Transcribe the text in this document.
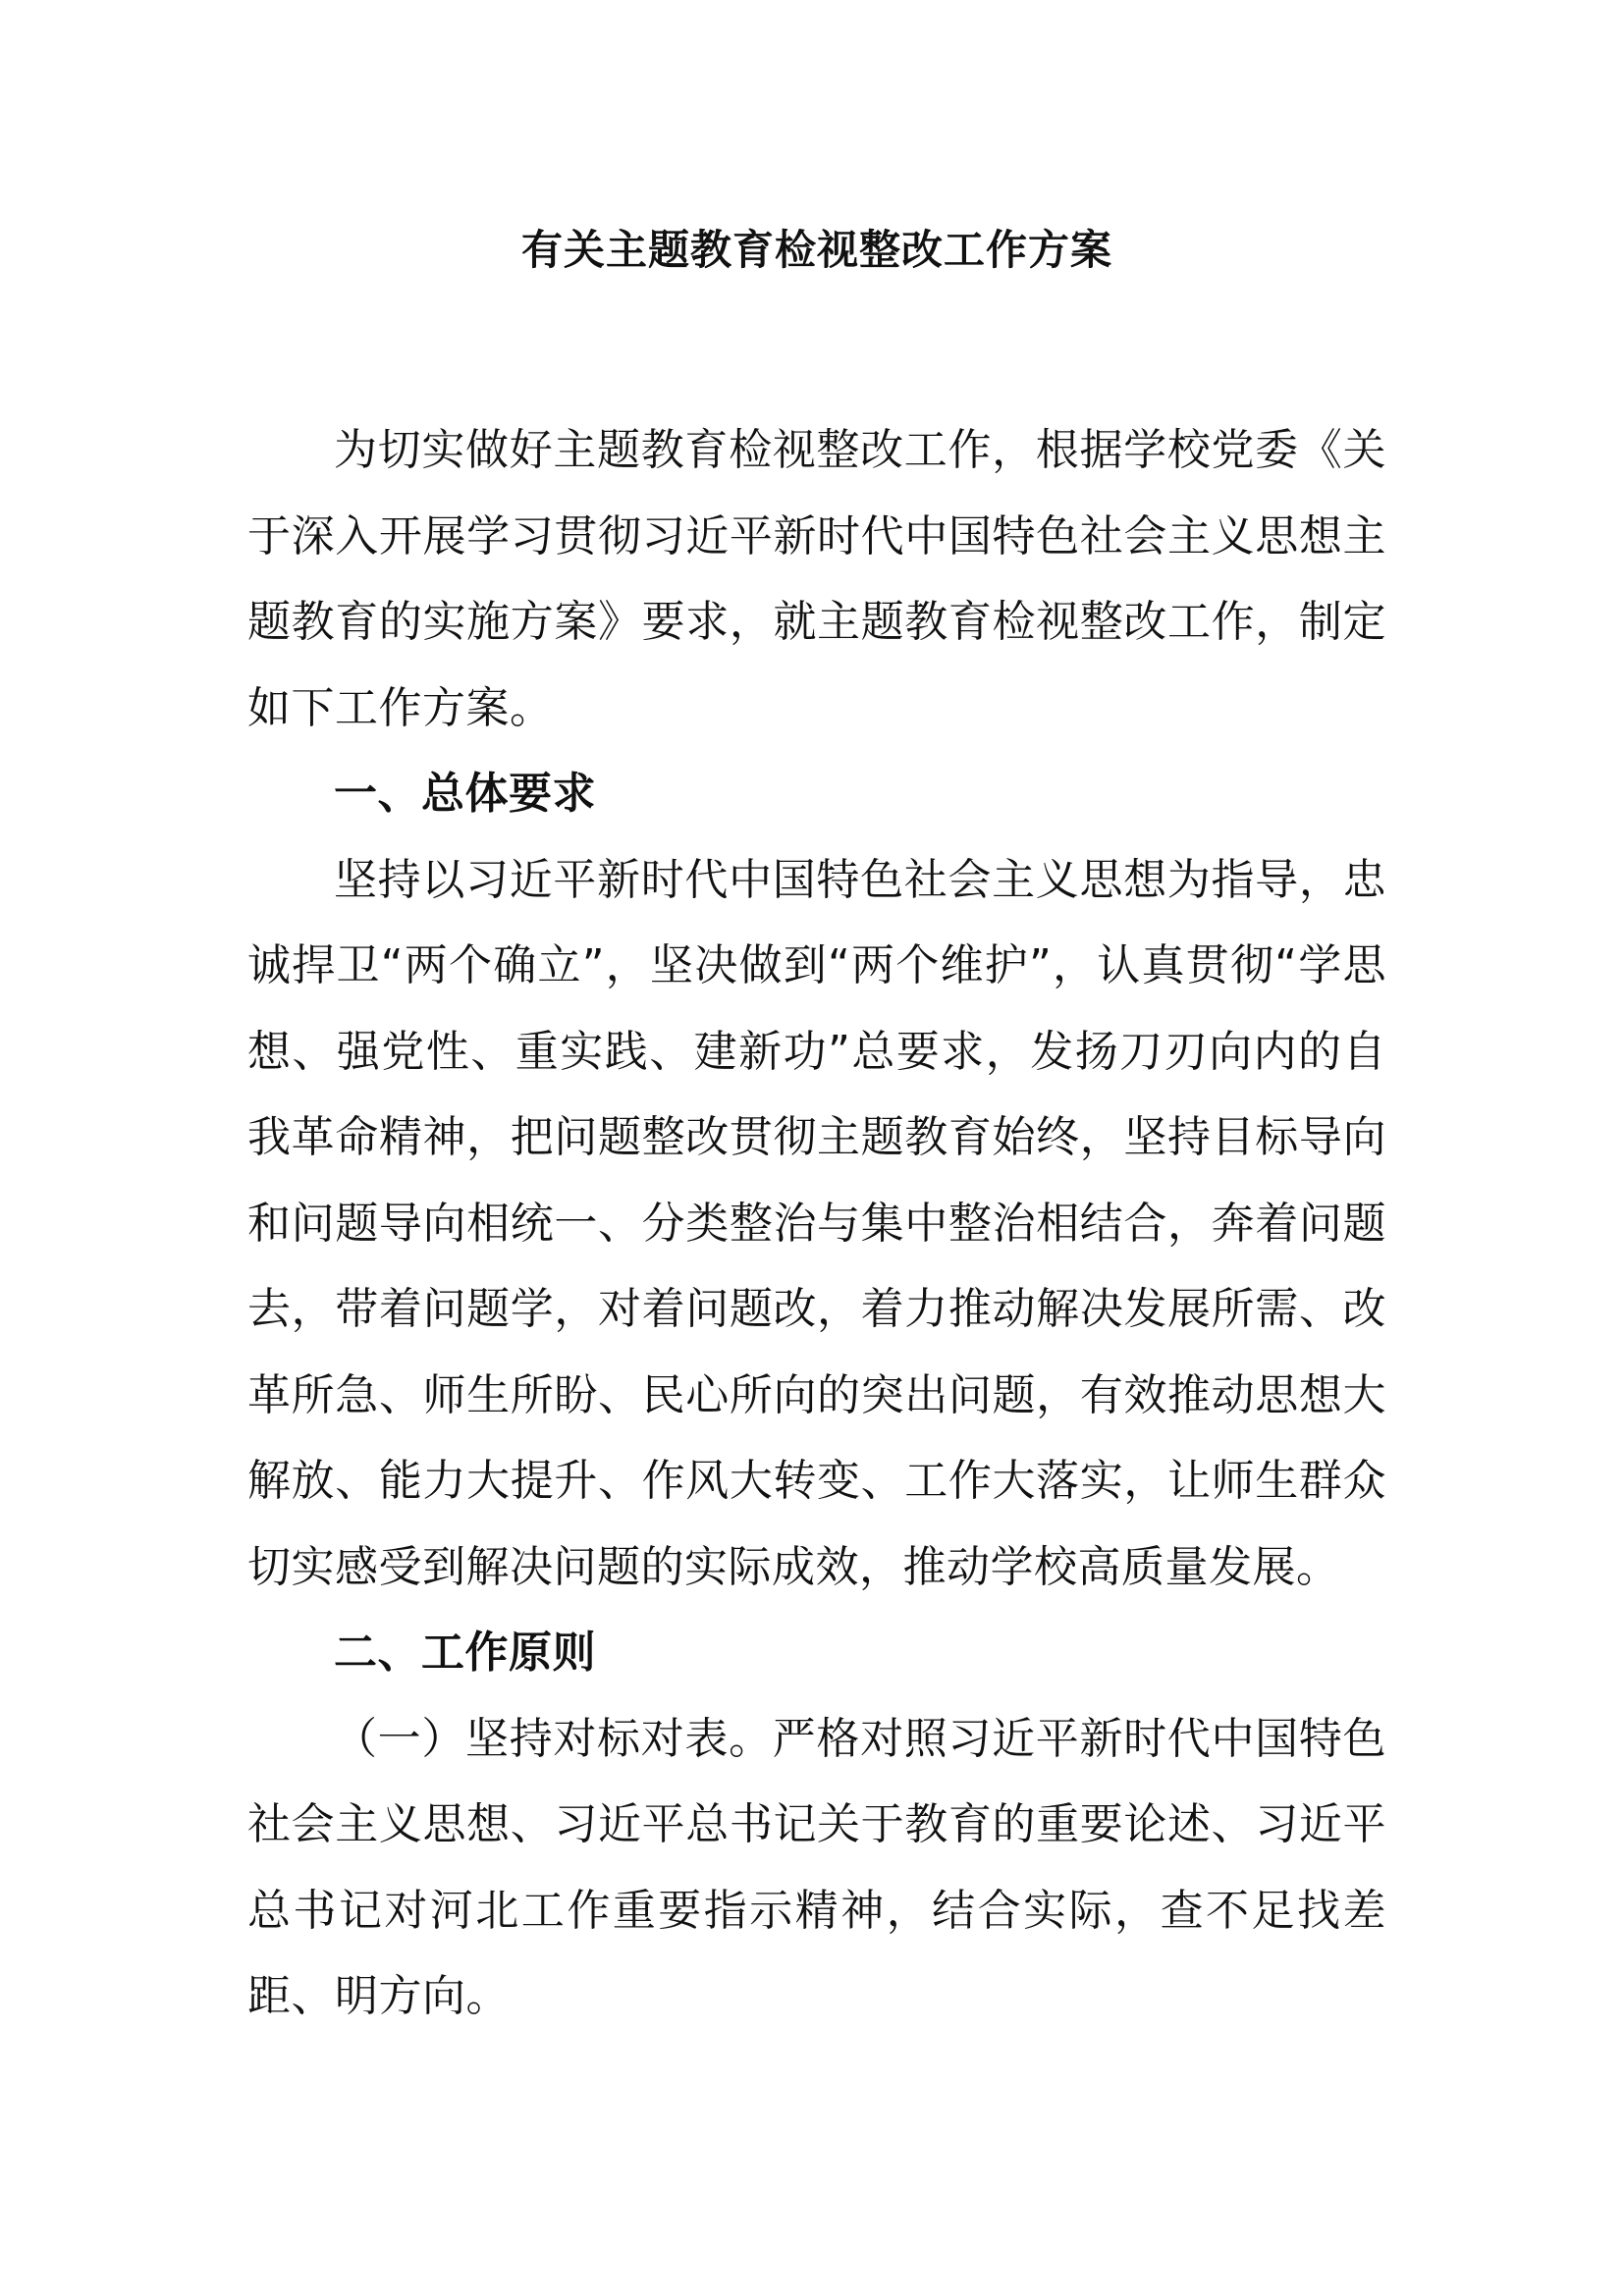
有关主题教育检视整改工作方案

为切实做好主题教育检视整改工作，根据学校党委《关于深入开展学习贯彻习近平新时代中国特色社会主义思想主题教育的实施方案》要求，就主题教育检视整改工作，制定如下工作方案。

一、总体要求

坚持以习近平新时代中国特色社会主义思想为指导，忠诚捍卫“两个确立”，坚决做到“两个维护”，认真贯彻“学思想、强党性、重实践、建新功”总要求，发扬刀刃向内的自我革命精神，把问题整改贯彻主题教育始终，坚持目标导向和问题导向相统一、分类整治与集中整治相结合，奔着问题去，带着问题学，对着问题改，着力推动解决发展所需、改革所急、师生所盼、民心所向的突出问题，有效推动思想大解放、能力大提升、作风大转变、工作大落实，让师生群众切实感受到解决问题的实际成效，推动学校高质量发展。

二、工作原则

（一）坚持对标对表。严格对照习近平新时代中国特色社会主义思想、习近平总书记关于教育的重要论述、习近平总书记对河北工作重要指示精神，结合实际，查不足找差距、明方向。
